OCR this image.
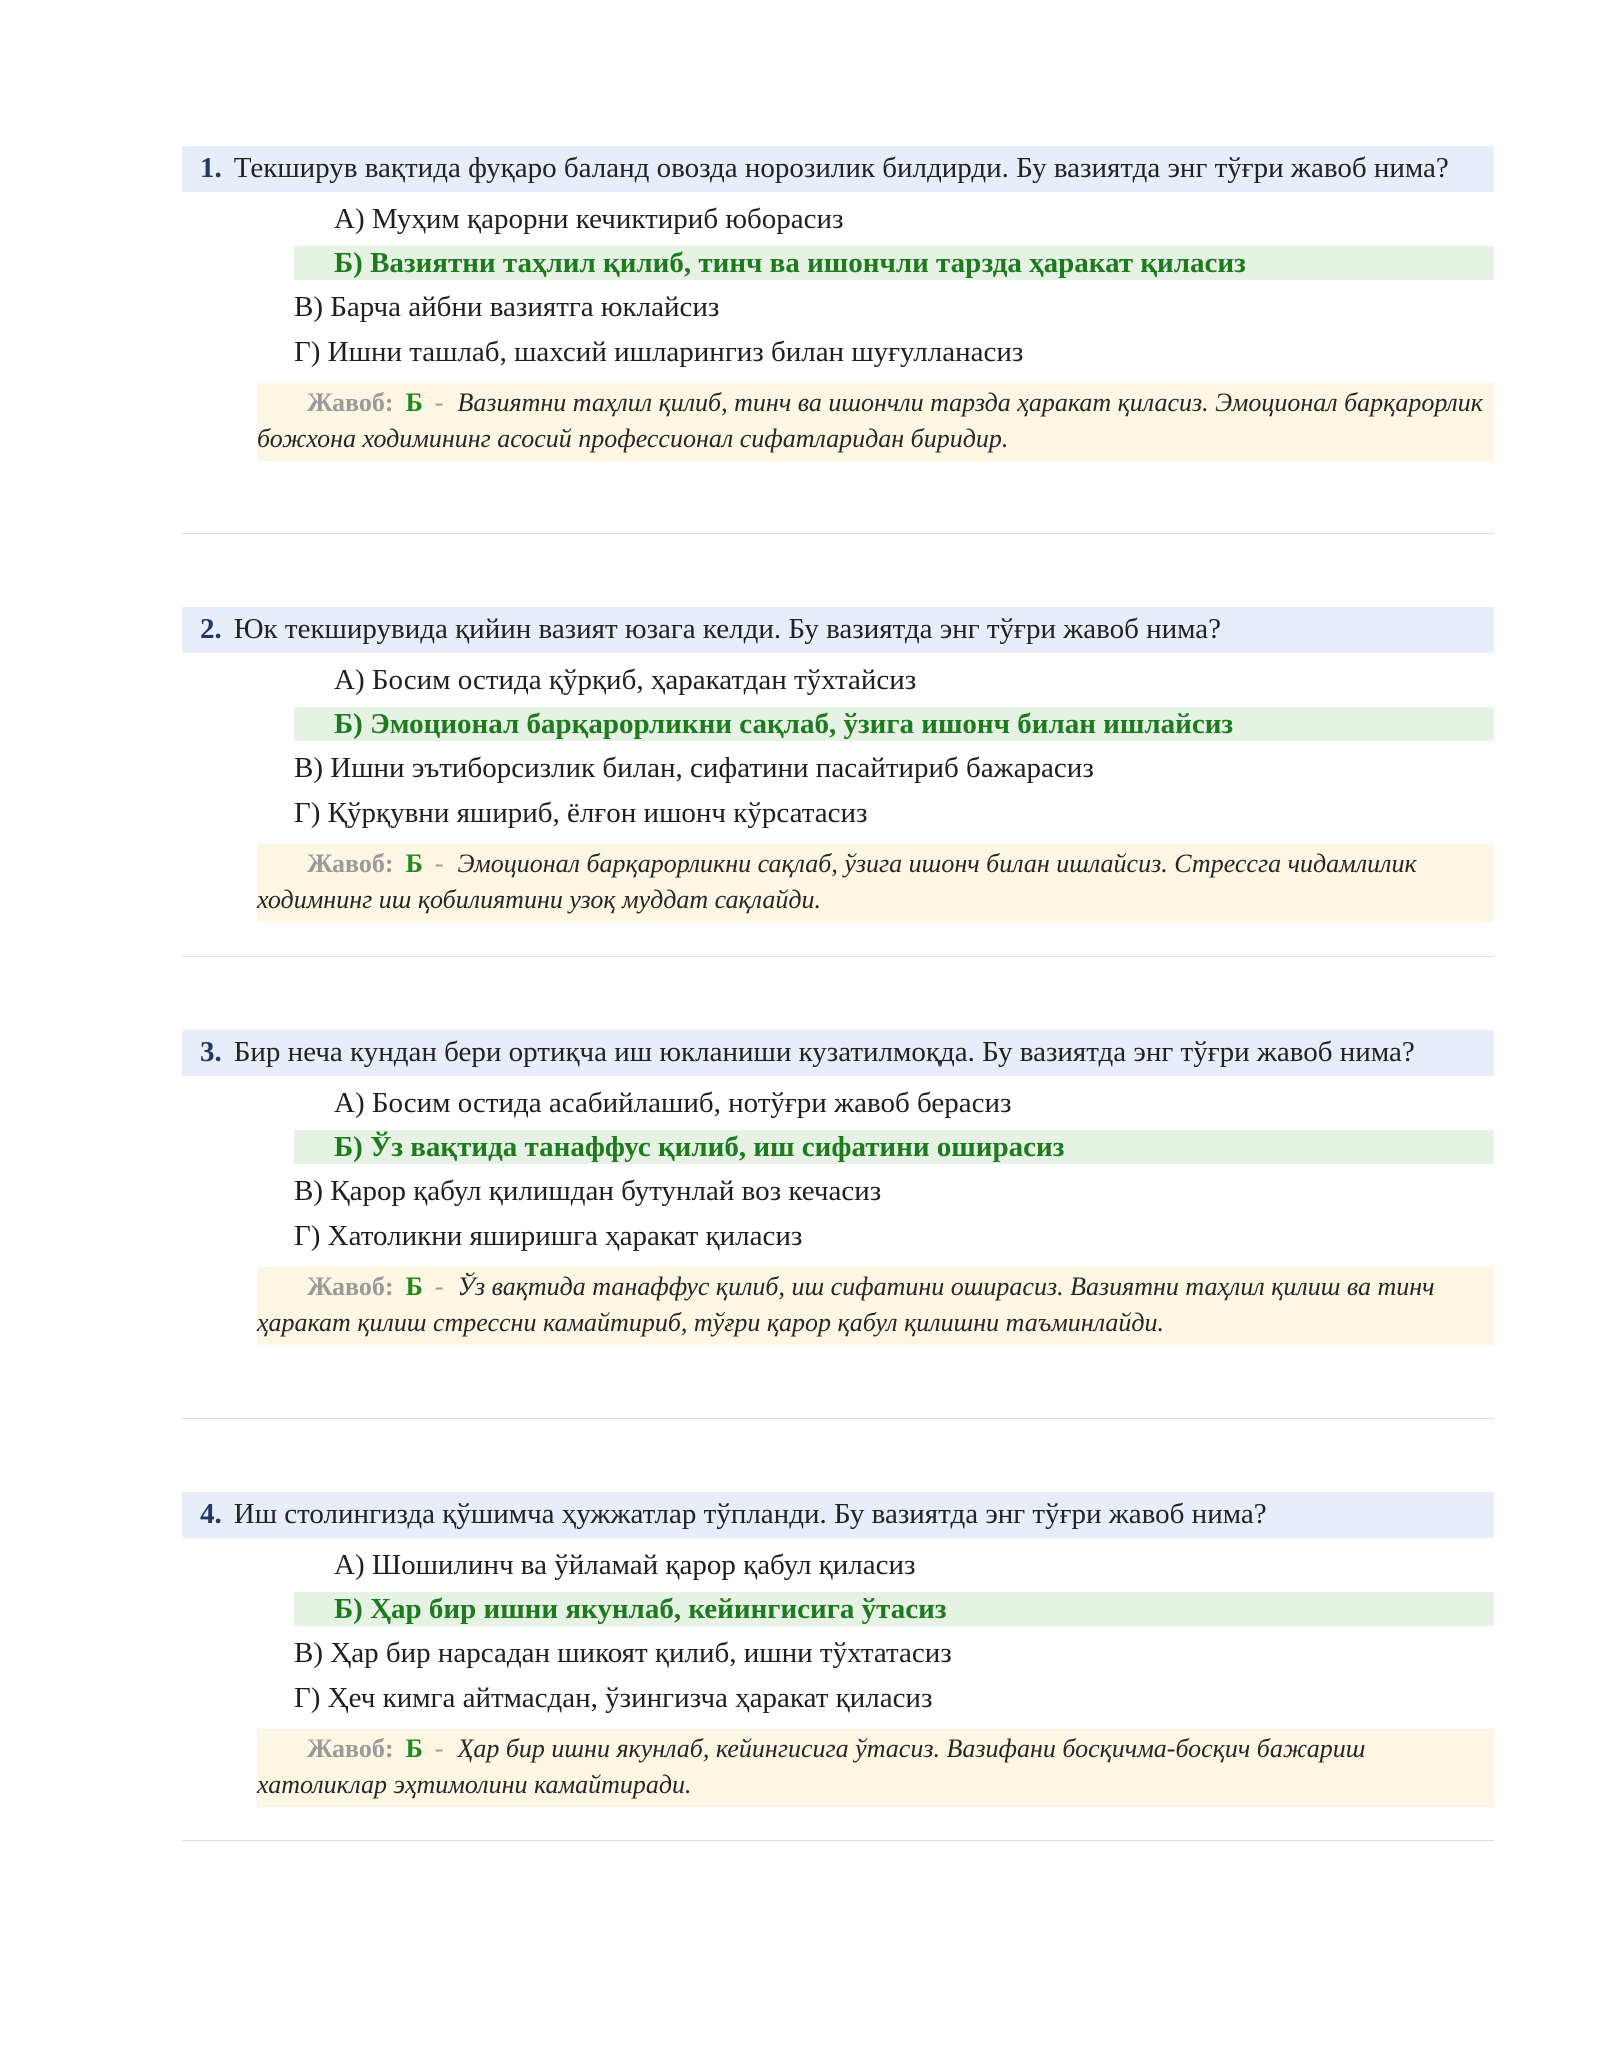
1. Текширув вақтида фуқаро баланд овозда норозилик билдирди. Бу вазиятда энг тўғри жавоб нима?
А) Муҳим қарорни кечиктириб юборасиз
Б) Вазиятни таҳлил қилиб, тинч ва ишончли тарзда ҳаракат қиласиз
В) Барча айбни вазиятга юклайсиз
Г) Ишни ташлаб, шахсий ишларингиз билан шуғулланасиз
Жавоб: Б - Вазиятни таҳлил қилиб, тинч ва ишончли тарзда ҳаракат қиласиз. Эмоционал барқарорлик божхона ходимининг асосий профессионал сифатларидан биридир.
2. Юк текширувида қийин вазият юзага келди. Бу вазиятда энг тўғри жавоб нима?
А) Босим остида қўрқиб, ҳаракатдан тўхтайсиз
Б) Эмоционал барқарорликни сақлаб, ўзига ишонч билан ишлайсиз
В) Ишни эътиборсизлик билан, сифатини пасайтириб бажарасиз
Г) Қўрқувни яшириб, ёлғон ишонч кўрсатасиз
Жавоб: Б - Эмоционал барқарорликни сақлаб, ўзига ишонч билан ишлайсиз. Стрессга чидамлилик ходимнинг иш қобилиятини узоқ муддат сақлайди.
3. Бир неча кундан бери ортиқча иш юкланиши кузатилмоқда. Бу вазиятда энг тўғри жавоб нима?
А) Босим остида асабийлашиб, нотўғри жавоб берасиз
Б) Ўз вақтида танаффус қилиб, иш сифатини оширасиз
В) Қарор қабул қилишдан бутунлай воз кечасиз
Г) Хатоликни яширишга ҳаракат қиласиз
Жавоб: Б - Ўз вақтида танаффус қилиб, иш сифатини оширасиз. Вазиятни таҳлил қилиш ва тинч ҳаракат қилиш стрессни камайтириб, тўғри қарор қабул қилишни таъминлайди.
4. Иш столингизда қўшимча ҳужжатлар тўпланди. Бу вазиятда энг тўғри жавоб нима?
А) Шошилинч ва ўйламай қарор қабул қиласиз
Б) Ҳар бир ишни якунлаб, кейингисига ўтасиз
В) Ҳар бир нарсадан шикоят қилиб, ишни тўхтатасиз
Г) Ҳеч кимга айтмасдан, ўзингизча ҳаракат қиласиз
Жавоб: Б - Ҳар бир ишни якунлаб, кейингисига ўтасиз. Вазифани босқичма-босқич бажариш хатоликлар эҳтимолини камайтиради.
